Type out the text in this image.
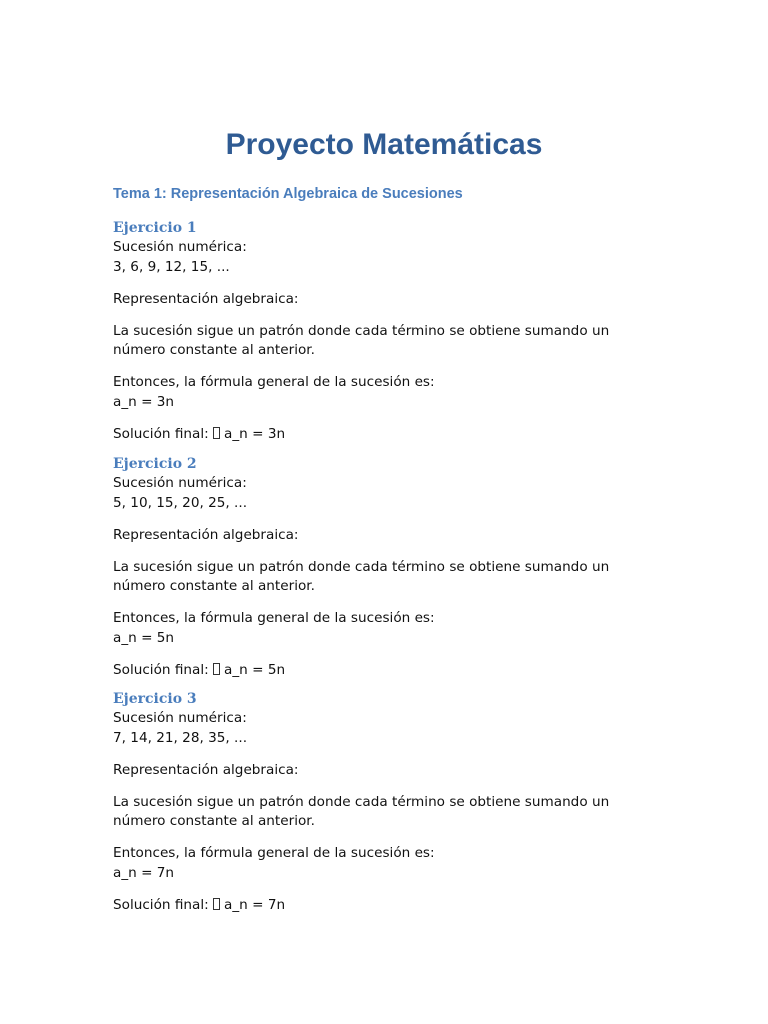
Proyecto Matemáticas
Tema 1: Representación Algebraica de Sucesiones
Ejercicio 1

Sucesión numérica:

3, 6, 9, 12, 15, ...

Representación algebraica:

La sucesión sigue un patrón donde cada término se obtiene sumando un

número constante al anterior.

Entonces, la fórmula general de la sucesión es:

a_n = 3n

Solución final: a_n = 3n

Ejercicio 2

Sucesión numérica:

5, 10, 15, 20, 25, ...

Representación algebraica:

La sucesión sigue un patrón donde cada término se obtiene sumando un

número constante al anterior.

Entonces, la fórmula general de la sucesión es:

a_n = 5n

Solución final: a_n = 5n

Ejercicio 3

Sucesión numérica:

7, 14, 21, 28, 35, ...

Representación algebraica:

La sucesión sigue un patrón donde cada término se obtiene sumando un

número constante al anterior.

Entonces, la fórmula general de la sucesión es:

a_n = 7n

Solución final: a_n = 7n
